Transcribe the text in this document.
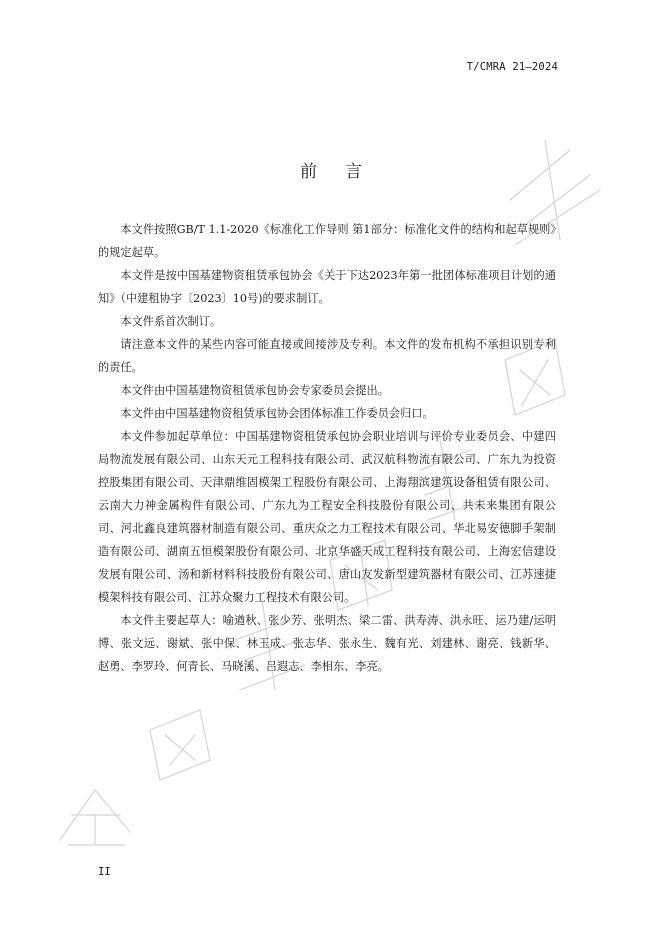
T/CMRA 21—2024
前 言

本文件按照GB/T 1.1-2020《标准化工作导则 第1部分：标准化文件的结构和起草规则》的规定起草。

本文件是按中国基建物资租赁承包协会《关于下达2023年第一批团体标准项目计划的通知》（中建租协字〔2023〕10号)的要求制订。

本文件系首次制订。

请注意本文件的某些内容可能直接或间接涉及专利。本文件的发布机构不承担识别专利的责任。

本文件由中国基建物资租赁承包协会专家委员会提出。

本文件由中国基建物资租赁承包协会团体标准工作委员会归口。

本文件参加起草单位：中国基建物资租赁承包协会职业培训与评价专业委员会、中建四局物流发展有限公司、山东天元工程科技有限公司、武汉航科物流有限公司、广东九为投资控股集团有限公司、天津鼎维固模架工程股份有限公司、上海翔滨建筑设备租赁有限公司、云南大力神金属构件有限公司、广东九为工程安全科技股份有限公司、共未来集团有限公司、河北鑫良建筑器材制造有限公司、重庆众之力工程技术有限公司、华北易安德脚手架制造有限公司、湖南五恒模架股份有限公司、北京华盛天成工程科技有限公司、上海宏信建设发展有限公司、汤和新材料科技股份有限公司、唐山友发新型建筑器材有限公司、江苏速捷模架科技有限公司、江苏众聚力工程技术有限公司。

本文件主要起草人：喻遒秋、张少芳、张明杰、梁二雷、洪寿涛、洪永旺、运乃建/运明博、张文远、谢斌、张中保、林玉成、张志华、张永生、魏有光、刘建林、谢亮、钱新华、赵勇、李罗玲、何青长、马晓溪、吕遐志、李相东、李亮。

II
